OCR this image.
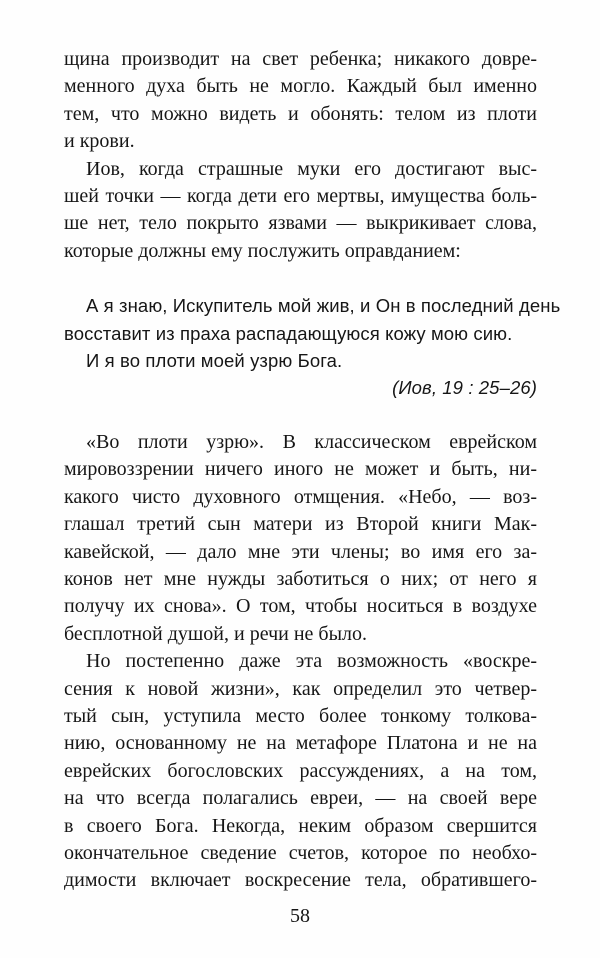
щина производит на свет ребенка; никакого довре-
менного духа быть не могло. Каждый был именно
тем, что можно видеть и обонять: телом из плоти
и крови.
Иов, когда страшные муки его достигают выс-
шей точки — когда дети его мертвы, имущества боль-
ше нет, тело покрыто язвами — выкрикивает слова,
которые должны ему послужить оправданием:
А я знаю, Искупитель мой жив, и Он в последний день
восставит из праха распадающуюся кожу мою сию.
И я во плоти моей узрю Бога.
(Иов, 19 : 25–26)
«Во плоти узрю». В классическом еврейском
мировоззрении ничего иного не может и быть, ни-
какого чисто духовного отмщения. «Небо, — воз-
глашал третий сын матери из Второй книги Мак-
кавейской, — дало мне эти члены; во имя его за-
конов нет мне нужды заботиться о них; от него я
получу их снова». О том, чтобы носиться в воздухе
бесплотной душой, и речи не было.
Но постепенно даже эта возможность «воскре-
сения к новой жизни», как определил это четвер-
тый сын, уступила место более тонкому толкова-
нию, основанному не на метафоре Платона и не на
еврейских богословских рассуждениях, а на том,
на что всегда полагались евреи, — на своей вере
в своего Бога. Некогда, неким образом свершится
окончательное сведение счетов, которое по необхо-
димости включает воскресение тела, обратившего-
58
